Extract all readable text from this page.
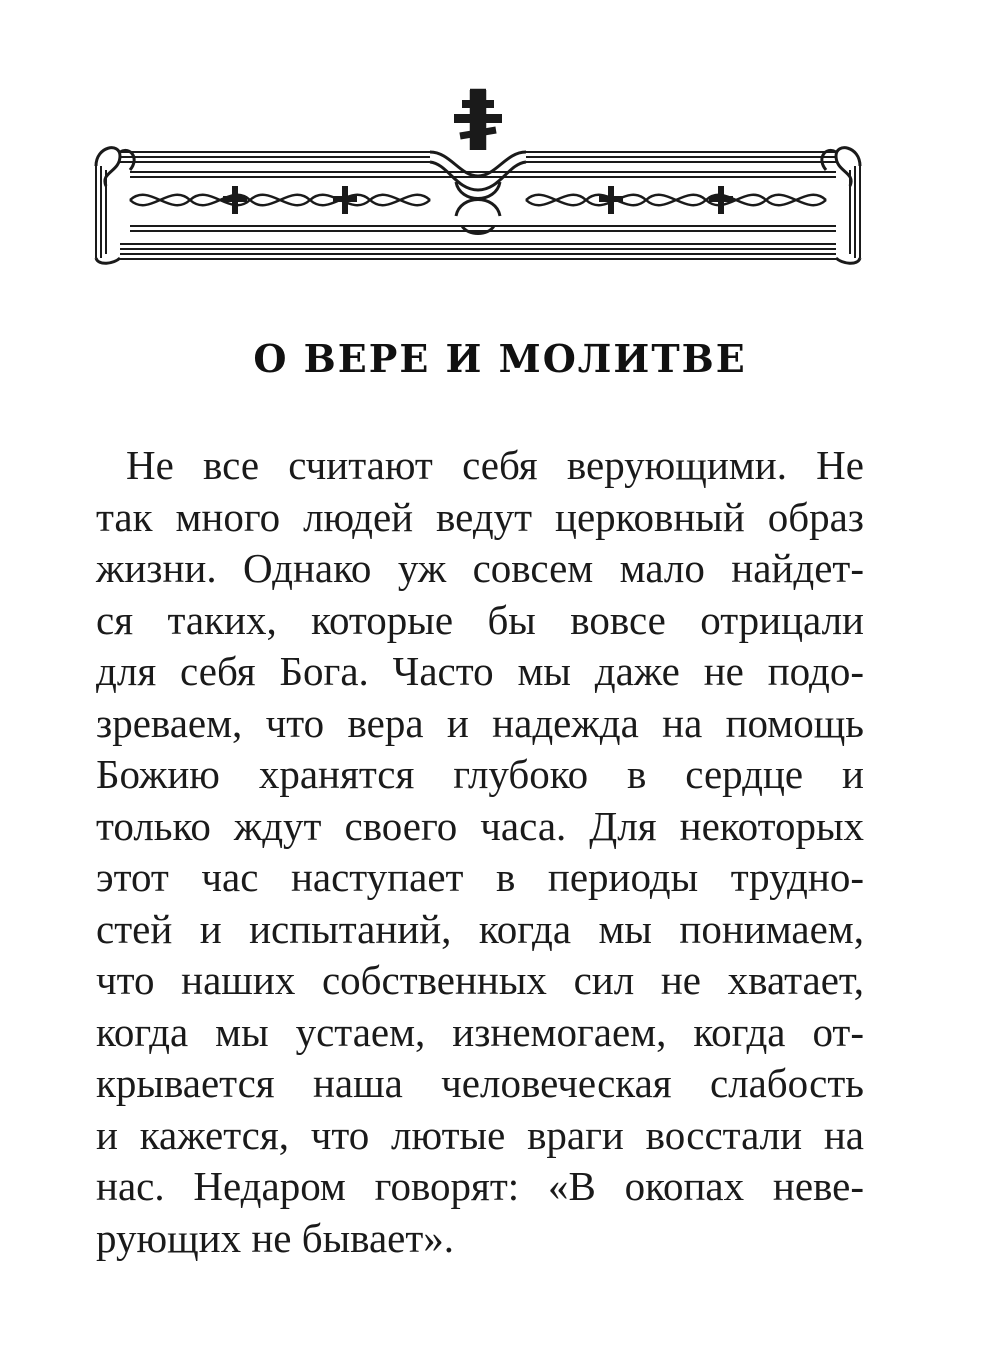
О ВЕРЕ И МОЛИТВЕ
Не все считают себя верующими. Не
так много людей ведут церковный образ
жизни. Однако уж совсем мало найдет-
ся таких, которые бы вовсе отрицали
для себя Бога. Часто мы даже не подо-
зреваем, что вера и надежда на помощь
Божию хранятся глубоко в сердце и
только ждут своего часа. Для некоторых
этот час наступает в периоды трудно-
стей и испытаний, когда мы понимаем,
что наших собственных сил не хватает,
когда мы устаем, изнемогаем, когда от-
крывается наша человеческая слабость
и кажется, что лютые враги восстали на
нас. Недаром говорят: «В окопах неве-
рующих не бывает».
